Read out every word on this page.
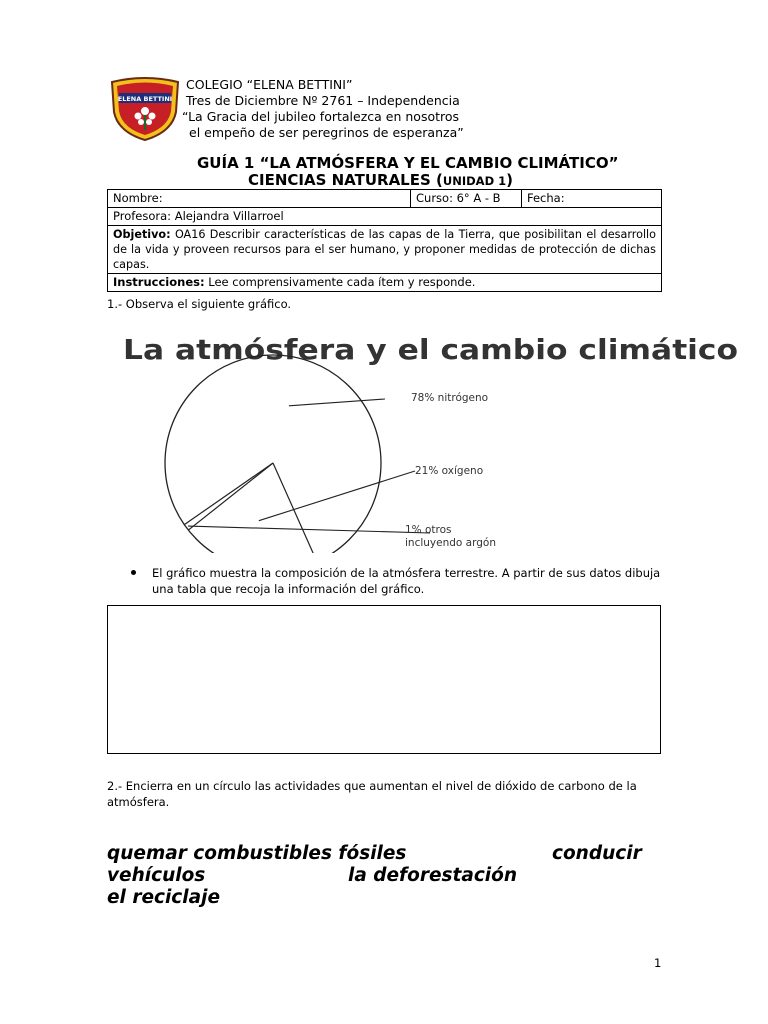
ELENA BETTINI
COLEGIO “ELENA BETTINI”
Tres de Diciembre Nº 2761 – Independencia
“La Gracia del jubileo fortalezca en nosotros
el empeño de ser peregrinos de esperanza”
GUÍA 1 “LA ATMÓSFERA Y EL CAMBIO CLIMÁTICO”
CIENCIAS NATURALES (UNIDAD 1)
Nombre:	Curso: 6° A - B	Fecha:
Profesora: Alejandra Villarroel
Objetivo: OA16 Describir características de las capas de la Tierra, que posibilitan el desarrollo de la vida y proveen recursos para el ser humano, y proponer medidas de protección de dichas capas.
Instrucciones: Lee comprensivamente cada ítem y responde.
1.- Observa el siguiente gráfico.
La atmósfera y el cambio climático
78% nitrógeno
21% oxígeno
1% otros
incluyendo argón
El gráfico muestra la composición de la atmósfera terrestre. A partir de sus datos dibuja
una tabla que recoja la información del gráfico.
2.- Encierra en un círculo las actividades que aumentan el nivel de dióxido de carbono de la
atmósfera.
quemar combustibles fósiles	conducir
vehículos	la deforestación
el reciclaje
1
